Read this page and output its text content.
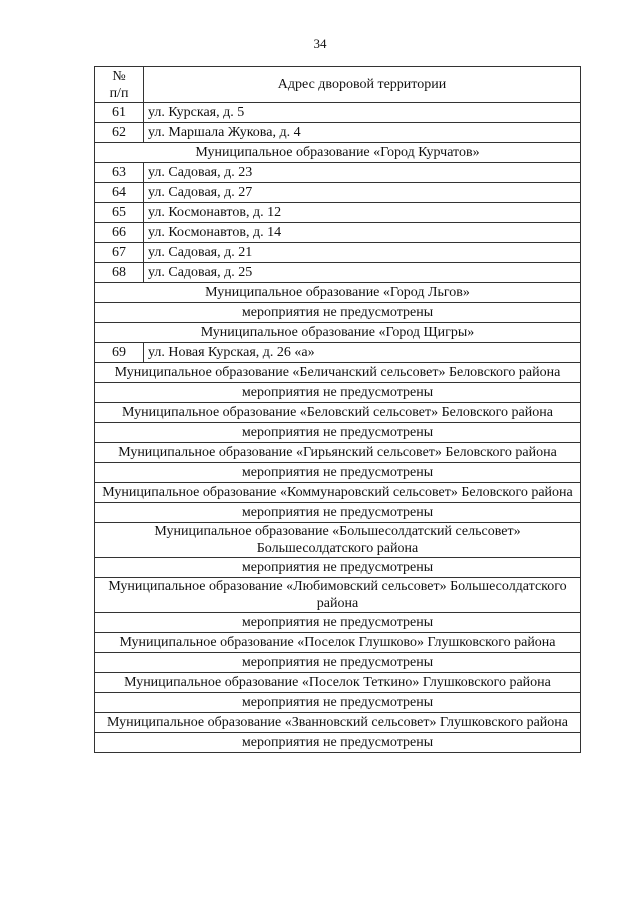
34
№
п/п	Адрес дворовой территории
61	ул. Курская, д. 5
62	ул. Маршала Жукова, д. 4
Муниципальное образование «Город Курчатов»	
63	ул. Садовая, д. 23
64	ул. Садовая, д. 27
65	ул. Космонавтов, д. 12
66	ул. Космонавтов, д. 14
67	ул. Садовая, д. 21
68	ул. Садовая, д. 25
Муниципальное образование «Город Льгов»	
мероприятия не предусмотрены	
Муниципальное образование «Город Щигры»	
69	ул. Новая Курская, д. 26 «а»
Муниципальное образование «Беличанский сельсовет» Беловского района	
мероприятия не предусмотрены	
Муниципальное образование «Беловский сельсовет» Беловского района	
мероприятия не предусмотрены	
Муниципальное образование «Гирьянский сельсовет» Беловского района	
мероприятия не предусмотрены	
Муниципальное образование «Коммунаровский сельсовет» Беловского района	
мероприятия не предусмотрены	
Муниципальное образование «Большесолдатский сельсовет» Большесолдатского района	
мероприятия не предусмотрены	
Муниципальное образование «Любимовский сельсовет» Большесолдатского района	
мероприятия не предусмотрены	
Муниципальное образование «Поселок Глушково» Глушковского района	
мероприятия не предусмотрены	
Муниципальное образование «Поселок Теткино» Глушковского района	
мероприятия не предусмотрены	
Муниципальное образование «Званновский сельсовет» Глушковского района	
мероприятия не предусмотрены	
